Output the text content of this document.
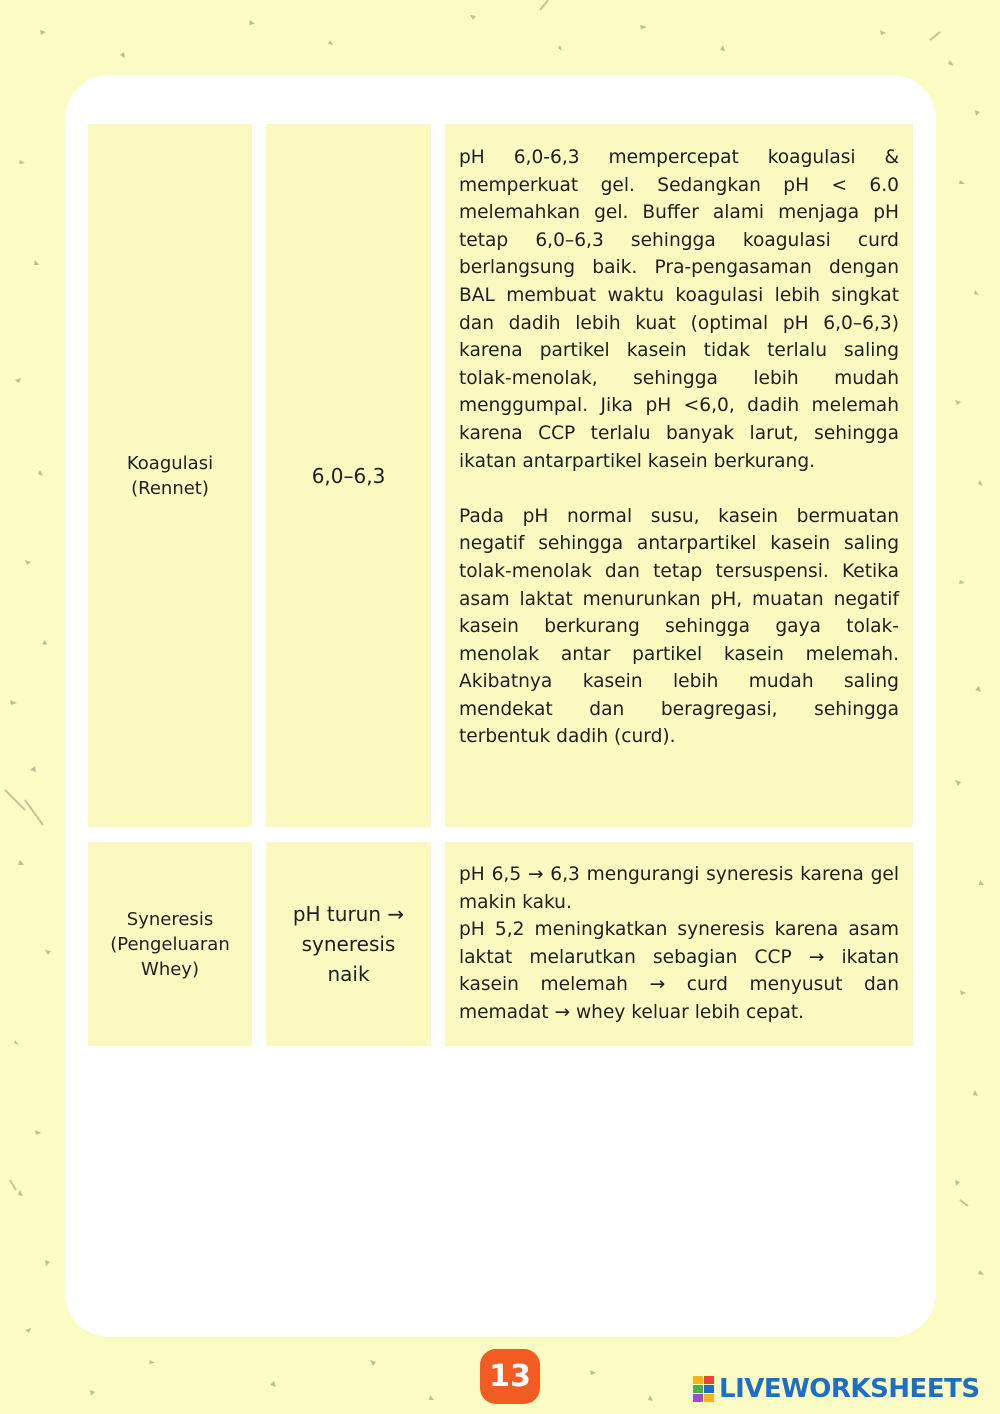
Koagulasi
(Rennet)
6,0–6,3

pH 6,0-6,3 mempercepat koagulasi & memperkuat gel. Sedangkan pH < 6.0 melemahkan gel. Buffer alami menjaga pH tetap 6,0–6,3 sehingga koagulasi curd berlangsung baik. Pra-pengasaman dengan BAL membuat waktu koagulasi lebih singkat dan dadih lebih kuat (optimal pH 6,0–6,3) karena partikel kasein tidak terlalu saling tolak-menolak, sehingga lebih mudah menggumpal. Jika pH <6,0, dadih melemah karena CCP terlalu banyak larut, sehingga ikatan antarpartikel kasein berkurang.

Pada pH normal susu, kasein bermuatan negatif sehingga antarpartikel kasein saling tolak-menolak dan tetap tersuspensi. Ketika asam laktat menurunkan pH, muatan negatif kasein berkurang sehingga gaya tolak-menolak antar partikel kasein melemah. Akibatnya kasein lebih mudah saling mendekat dan beragregasi, sehingga terbentuk dadih (curd).

Syneresis
(Pengeluaran
Whey)
pH turun →
syneresis
naik

pH 6,5 → 6,3 mengurangi syneresis karena gel makin kaku.

pH 5,2 meningkatkan syneresis karena asam laktat melarutkan sebagian CCP → ikatan kasein melemah → curd menyusut dan memadat → whey keluar lebih cepat.

13	LIVEWORKSHEETS
